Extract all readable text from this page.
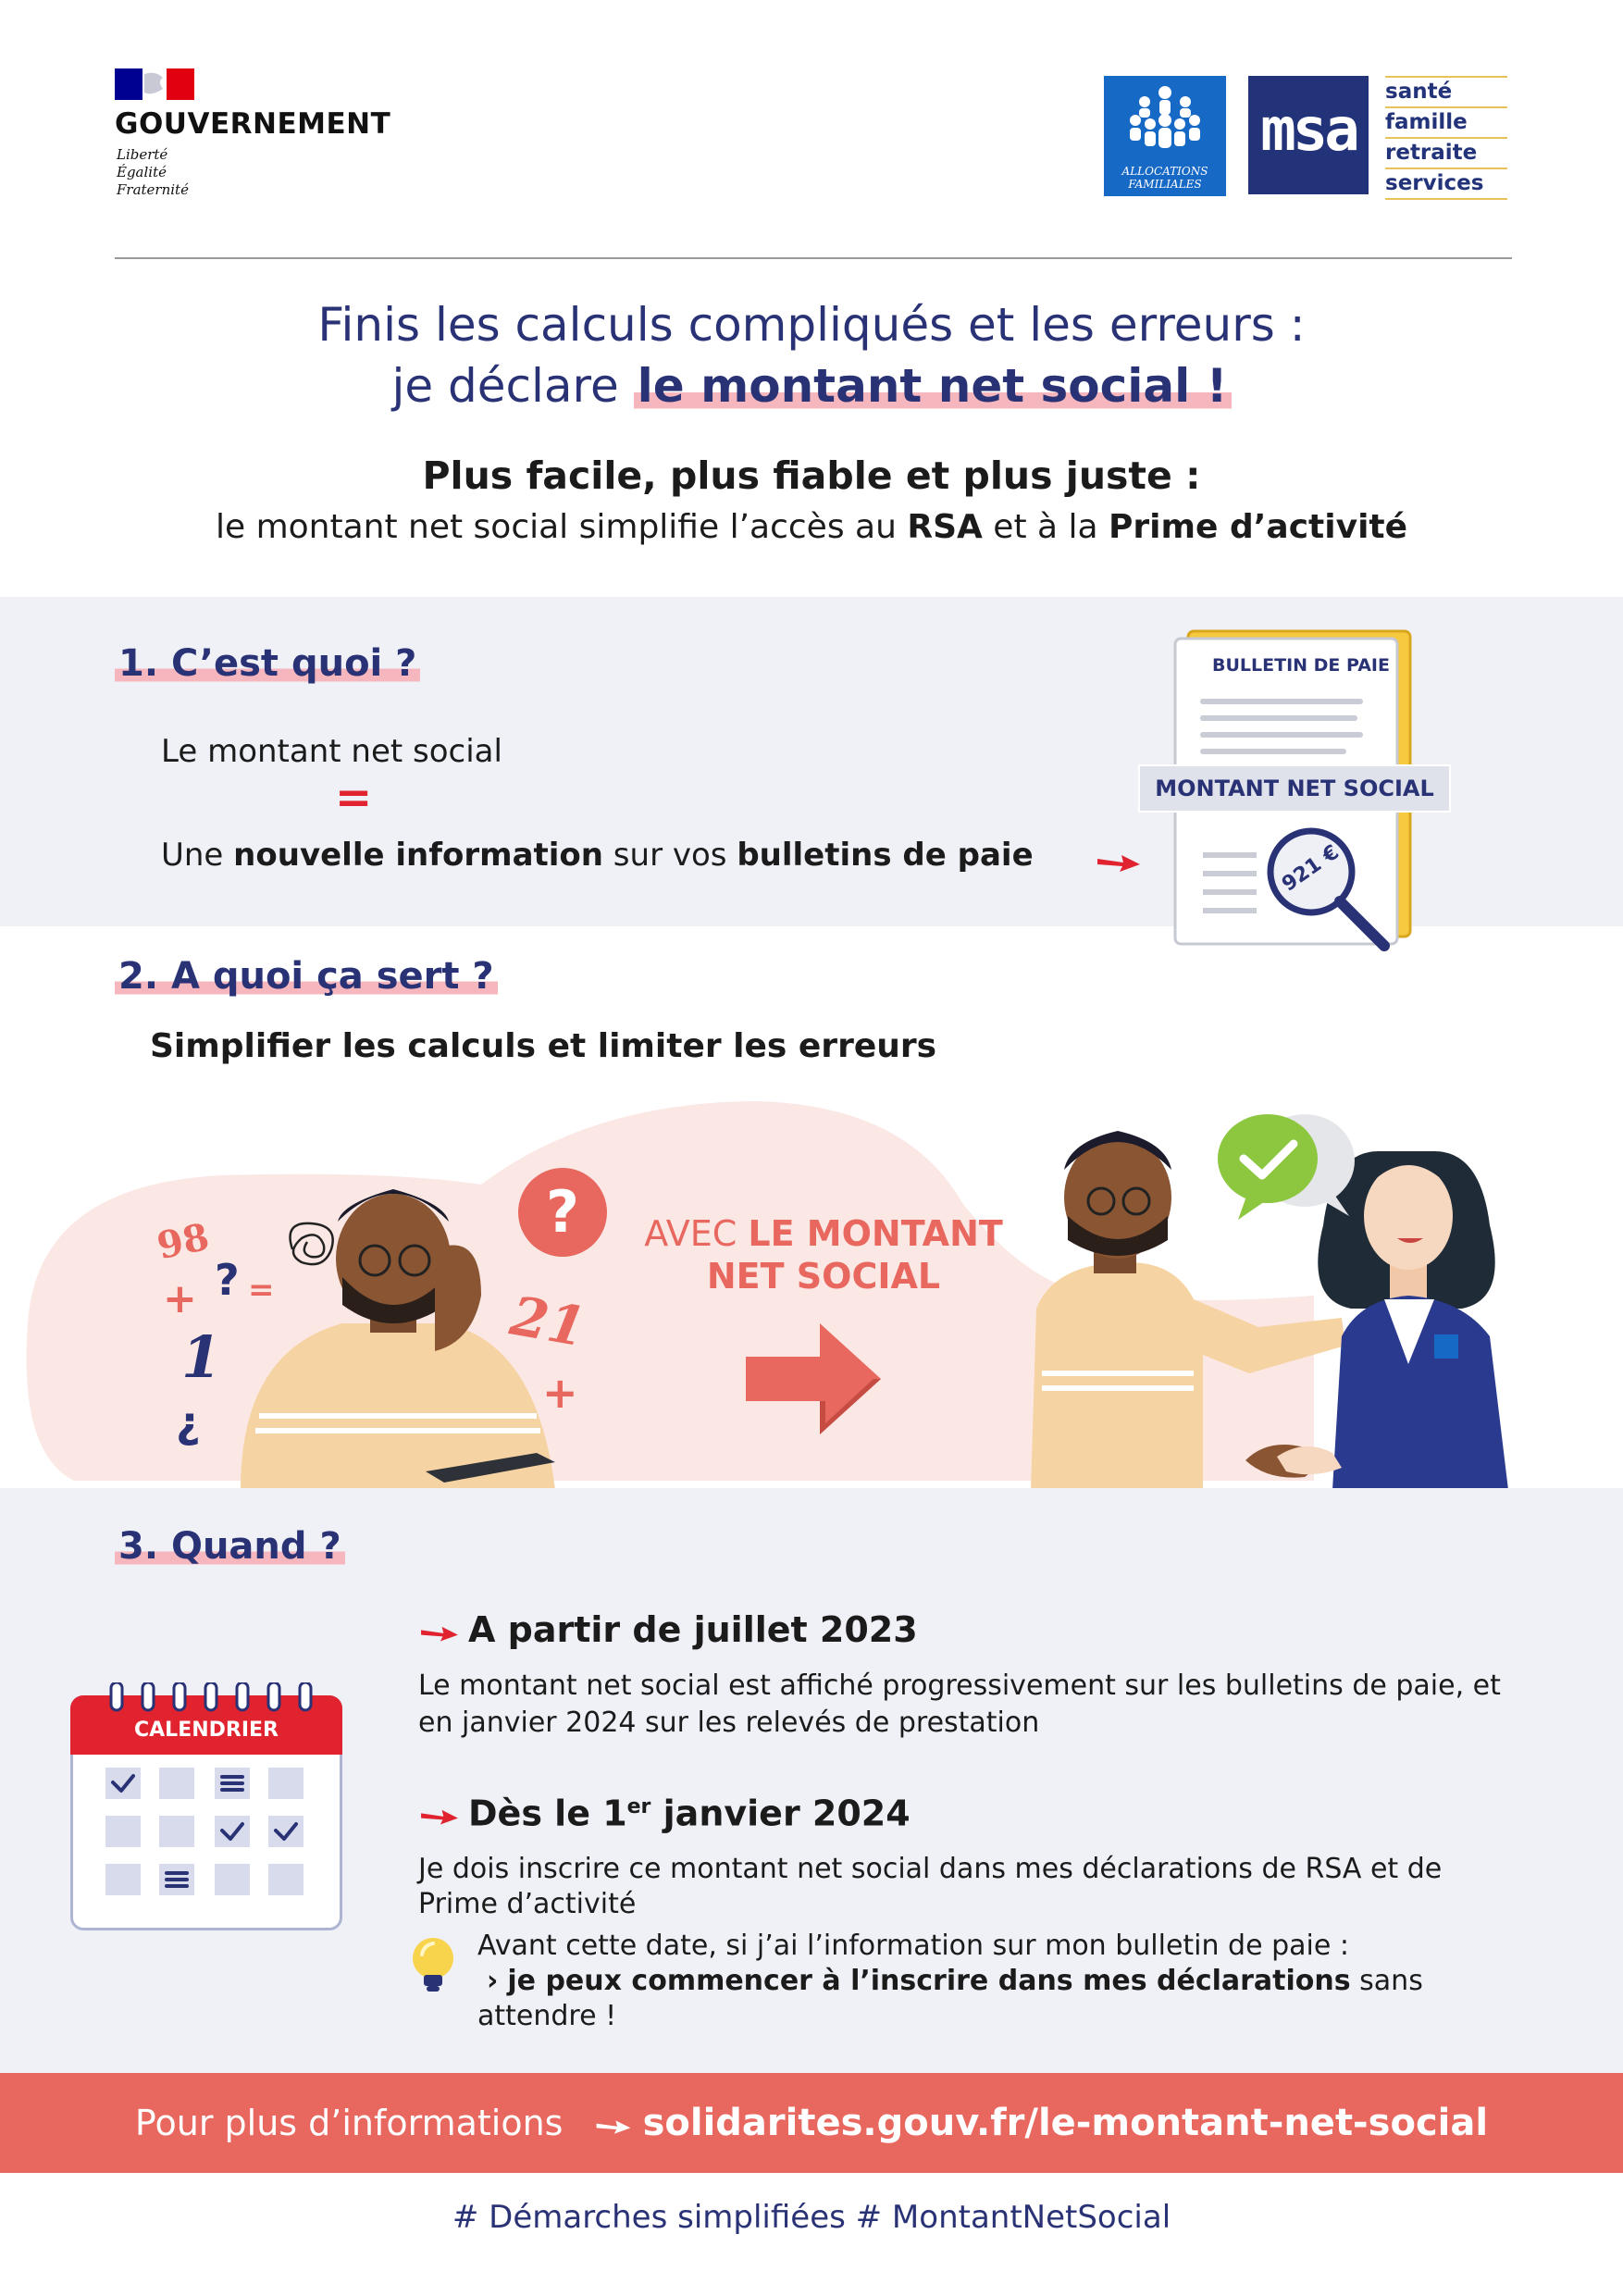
GOUVERNEMENT
Liberté
Égalité
Fraternité
ALLOCATIONS FAMILIALES
msa
santé
famille
retraite
services
Finis les calculs compliqués et les erreurs :
je déclare le montant net social !
Plus facile, plus fiable et plus juste :
le montant net social simplifie l’accès au RSA et à la Prime d’activité
1. C’est quoi ?
Le montant net social
=
Une nouvelle information sur vos bulletins de paie
BULLETIN DE PAIE
MONTANT NET SOCIAL
921 €
2. A quoi ça sert ?
Simplifier les calculs et limiter les erreurs
?
98
+ ? =
1
¿
21
+
AVEC LE MONTANT
NET SOCIAL
3. Quand ?
CALENDRIER
A partir de juillet 2023
Le montant net social est affiché progressivement sur les bulletins de paie, et en janvier 2024 sur les relevés de prestation
Dès le 1er janvier 2024
Je dois inscrire ce montant net social dans mes déclarations de RSA et de Prime d’activité
Avant cette date, si j’ai l’information sur mon bulletin de paie :
› je peux commencer à l’inscrire dans mes déclarations sans attendre !
Pour plus d’informations solidarites.gouv.fr/le-montant-net-social
# Démarches simplifiées # MontantNetSocial
